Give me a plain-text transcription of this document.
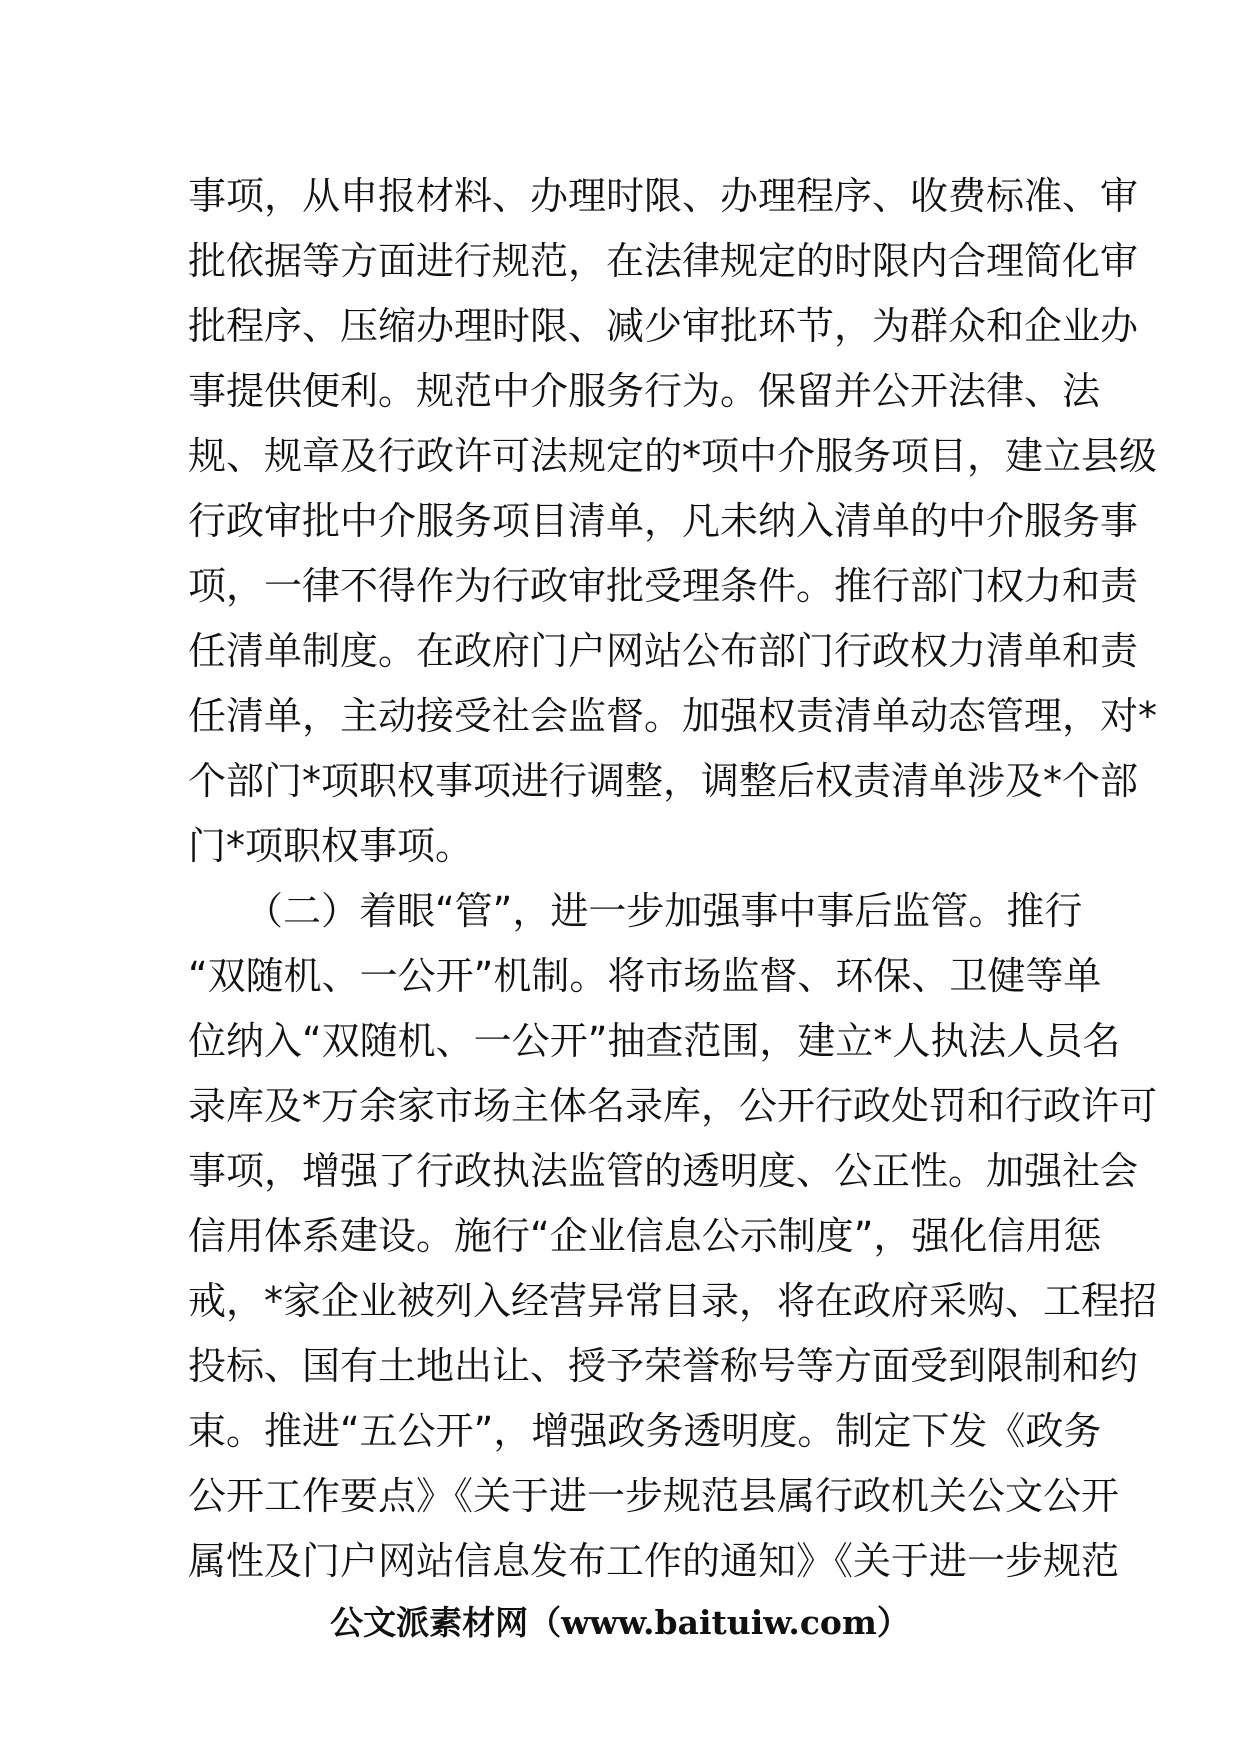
事项，从申报材料、办理时限、办理程序、收费标准、审
批依据等方面进行规范，在法律规定的时限内合理简化审
批程序、压缩办理时限、减少审批环节，为群众和企业办
事提供便利。规范中介服务行为。保留并公开法律、法
规、规章及行政许可法规定的*项中介服务项目，建立县级
行政审批中介服务项目清单，凡未纳入清单的中介服务事
项，一律不得作为行政审批受理条件。推行部门权力和责
任清单制度。在政府门户网站公布部门行政权力清单和责
任清单，主动接受社会监督。加强权责清单动态管理，对*
个部门*项职权事项进行调整，调整后权责清单涉及*个部
门*项职权事项。
　　（二）着眼“管”，进一步加强事中事后监管。推行
“双随机、一公开”机制。将市场监督、环保、卫健等单
位纳入“双随机、一公开”抽查范围，建立*人执法人员名
录库及*万余家市场主体名录库，公开行政处罚和行政许可
事项，增强了行政执法监管的透明度、公正性。加强社会
信用体系建设。施行“企业信息公示制度”，强化信用惩
戒，*家企业被列入经营异常目录，将在政府采购、工程招
投标、国有土地出让、授予荣誉称号等方面受到限制和约
束。推进“五公开”，增强政务透明度。制定下发《政务
公开工作要点》《关于进一步规范县属行政机关公文公开
属性及门户网站信息发布工作的通知》《关于进一步规范
公文派素材网（www.baituiw.com）
